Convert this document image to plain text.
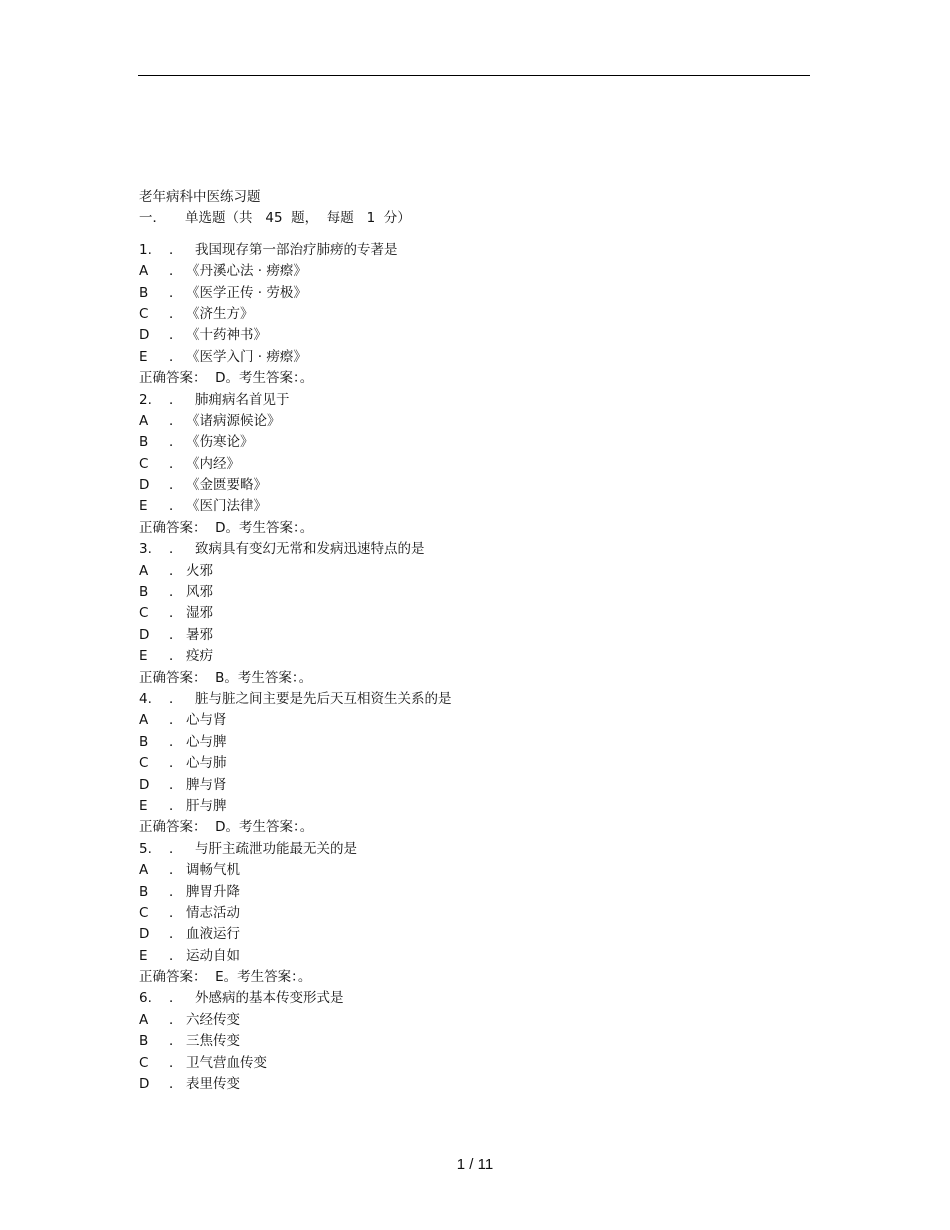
老年病科中医练习题
一． 单选题（共   45  题，  每题   1  分）
1. ． 我国现存第一部治疗肺痨的专著是
A ． 《丹溪心法 · 痨瘵》
B ． 《医学正传 · 劳极》
C ． 《济生方》
D ． 《十药神书》
E ． 《医学入门 · 痨瘵》
正确答案：  D。考生答案：。
2. ． 肺痈病名首见于
A ． 《诸病源候论》
B ． 《伤寒论》
C ． 《内经》
D ． 《金匮要略》
E ． 《医门法律》
正确答案：  D。考生答案：。
3. ． 致病具有变幻无常和发病迅速特点的是
A ． 火邪
B ． 风邪
C ． 湿邪
D ． 暑邪
E ． 疫疠
正确答案：  B。考生答案：。
4. ． 脏与脏之间主要是先后天互相资生关系的是
A ． 心与肾
B ． 心与脾
C ． 心与肺
D ． 脾与肾
E ． 肝与脾
正确答案：  D。考生答案：。
5. ． 与肝主疏泄功能最无关的是
A ． 调畅气机
B ． 脾胃升降
C ． 情志活动
D ． 血液运行
E ． 运动自如
正确答案：  E。考生答案：。
6. ． 外感病的基本传变形式是
A ． 六经传变
B ． 三焦传变
C ． 卫气营血传变
D ． 表里传变
1 / 11
